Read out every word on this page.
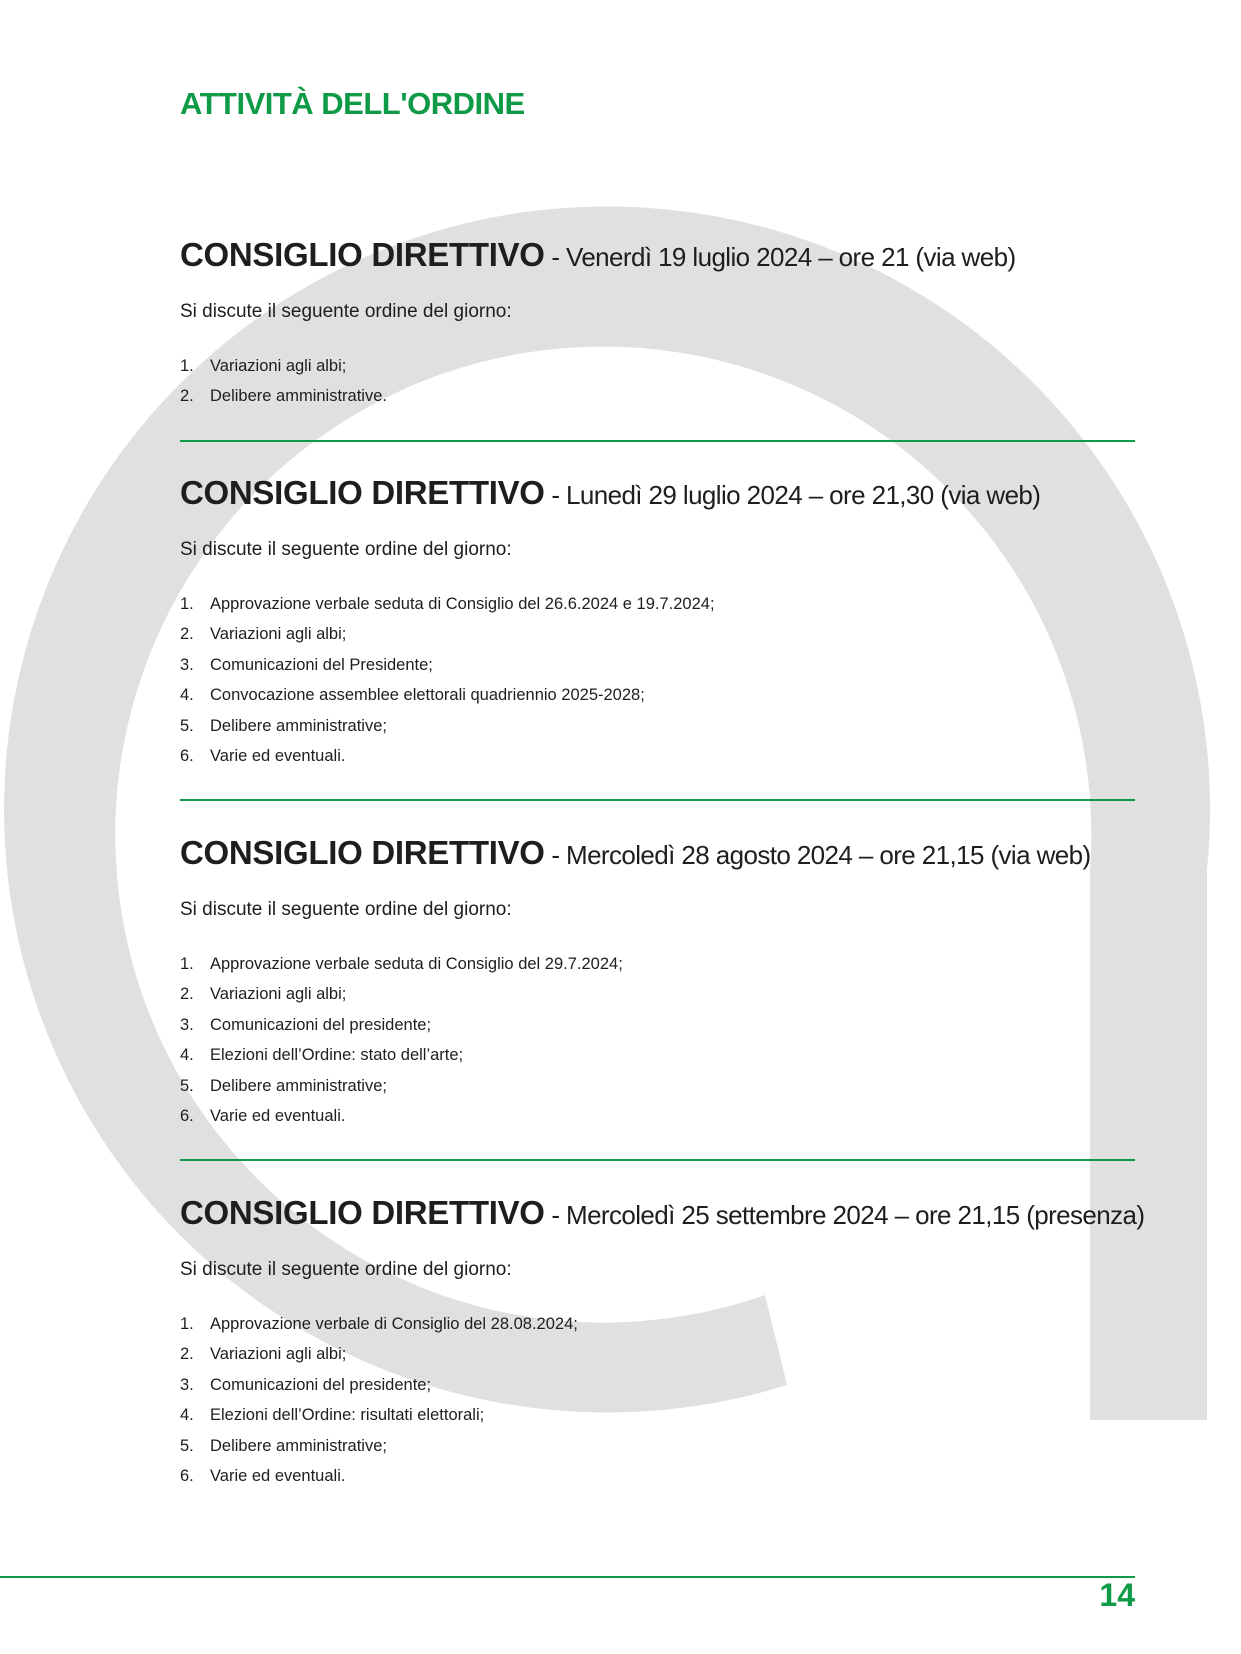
ATTIVITÀ DELL'ORDINE
CONSIGLIO DIRETTIVO - Venerdì 19 luglio 2024 – ore 21 (via web)

Si discute il seguente ordine del giorno:

1. Variazioni agli albi;
2. Delibere amministrative.
CONSIGLIO DIRETTIVO - Lunedì 29 luglio 2024 – ore 21,30 (via web)

Si discute il seguente ordine del giorno:

1. Approvazione verbale seduta di Consiglio del 26.6.2024 e 19.7.2024;
2. Variazioni agli albi;
3. Comunicazioni del Presidente;
4. Convocazione assemblee elettorali quadriennio 2025-2028;
5. Delibere amministrative;
6. Varie ed eventuali.
CONSIGLIO DIRETTIVO - Mercoledì 28 agosto 2024 – ore 21,15 (via web)

Si discute il seguente ordine del giorno:

1. Approvazione verbale seduta di Consiglio del 29.7.2024;
2. Variazioni agli albi;
3. Comunicazioni del presidente;
4. Elezioni dell’Ordine: stato dell’arte;
5. Delibere amministrative;
6. Varie ed eventuali.
CONSIGLIO DIRETTIVO - Mercoledì 25 settembre 2024 – ore 21,15 (presenza)

Si discute il seguente ordine del giorno:

1. Approvazione verbale di Consiglio del 28.08.2024;
2. Variazioni agli albi;
3. Comunicazioni del presidente;
4. Elezioni dell’Ordine: risultati elettorali;
5. Delibere amministrative;
6. Varie ed eventuali.
14
